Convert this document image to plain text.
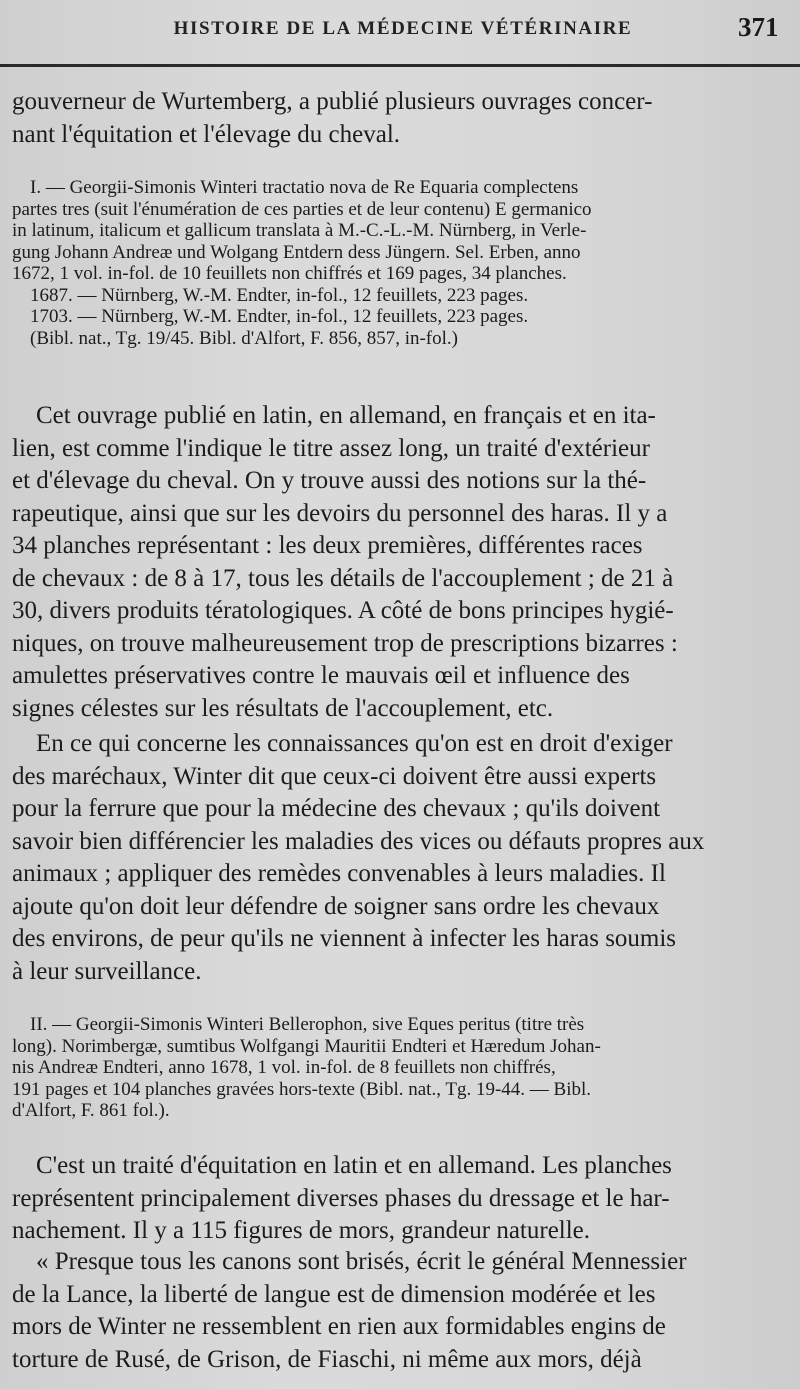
HISTOIRE DE LA MÉDECINE VÉTÉRINAIRE	371
gouverneur de Wurtemberg, a publié plusieurs ouvrages concer-
nant l'équitation et l'élevage du cheval.
I. — Georgii-Simonis Winteri tractatio nova de Re Equaria complectens
partes tres (suit l'énumération de ces parties et de leur contenu) E germanico
in latinum, italicum et gallicum translata à M.-C.-L.-M. Nürnberg, in Verle-
gung Johann Andreæ und Wolgang Entdern dess Jüngern. Sel. Erben, anno
1672, 1 vol. in-fol. de 10 feuillets non chiffrés et 169 pages, 34 planches.
1687. — Nürnberg, W.-M. Endter, in-fol., 12 feuillets, 223 pages.
1703. — Nürnberg, W.-M. Endter, in-fol., 12 feuillets, 223 pages.
(Bibl. nat., Tg. 19/45. Bibl. d'Alfort, F. 856, 857, in-fol.)
Cet ouvrage publié en latin, en allemand, en français et en ita-
lien, est comme l'indique le titre assez long, un traité d'extérieur
et d'élevage du cheval. On y trouve aussi des notions sur la thé-
rapeutique, ainsi que sur les devoirs du personnel des haras. Il y a
34 planches représentant : les deux premières, différentes races
de chevaux : de 8 à 17, tous les détails de l'accouplement ; de 21 à
30, divers produits tératologiques. A côté de bons principes hygié-
niques, on trouve malheureusement trop de prescriptions bizarres :
amulettes préservatives contre le mauvais œil et influence des
signes célestes sur les résultats de l'accouplement, etc.
En ce qui concerne les connaissances qu'on est en droit d'exiger
des maréchaux, Winter dit que ceux-ci doivent être aussi experts
pour la ferrure que pour la médecine des chevaux ; qu'ils doivent
savoir bien différencier les maladies des vices ou défauts propres aux
animaux ; appliquer des remèdes convenables à leurs maladies. Il
ajoute qu'on doit leur défendre de soigner sans ordre les chevaux
des environs, de peur qu'ils ne viennent à infecter les haras soumis
à leur surveillance.
II. — Georgii-Simonis Winteri Bellerophon, sive Eques peritus (titre très
long). Norimbergæ, sumtibus Wolfgangi Mauritii Endteri et Hæredum Johan-
nis Andreæ Endteri, anno 1678, 1 vol. in-fol. de 8 feuillets non chiffrés,
191 pages et 104 planches gravées hors-texte (Bibl. nat., Tg. 19-44. — Bibl.
d'Alfort, F. 861 fol.).
C'est un traité d'équitation en latin et en allemand. Les planches
représentent principalement diverses phases du dressage et le har-
nachement. Il y a 115 figures de mors, grandeur naturelle.
« Presque tous les canons sont brisés, écrit le général Mennessier
de la Lance, la liberté de langue est de dimension modérée et les
mors de Winter ne ressemblent en rien aux formidables engins de
torture de Rusé, de Grison, de Fiaschi, ni même aux mors, déjà
